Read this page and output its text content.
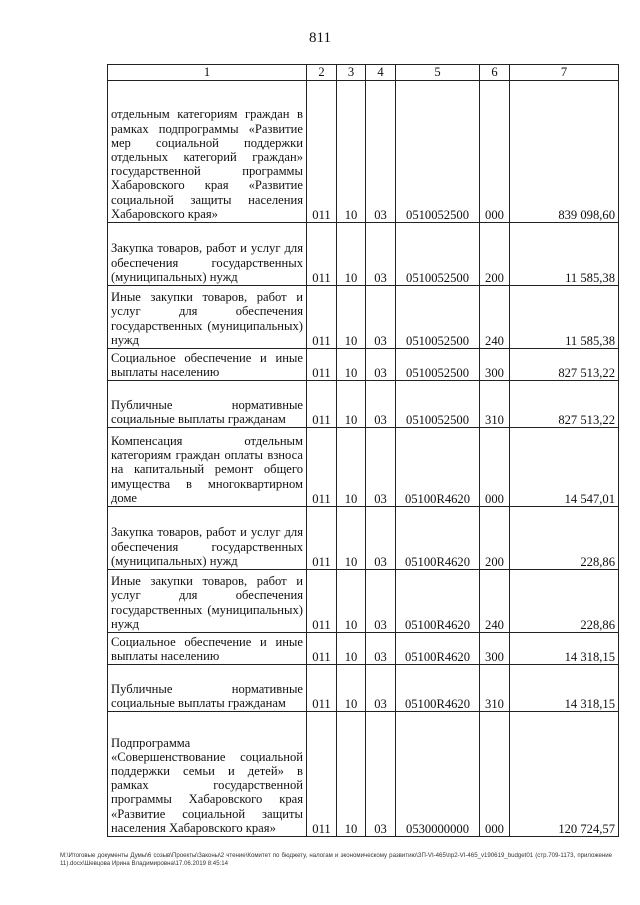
811
1	2	3	4	5	6	7
отдельным категориям граждан в рамках подпрограммы «Развитие мер социальной поддержки отдельных категорий граждан» государственной программы Хабаровского края «Развитие социальной защиты населения Хабаровского края»	011	10	03	0510052500	000	839 098,60
Закупка товаров, работ и услуг для обеспечения государственных (муниципальных) нужд	011	10	03	0510052500	200	11 585,38
Иные закупки товаров, работ и услуг для обеспечения государственных (муниципальных) нужд	011	10	03	0510052500	240	11 585,38
Социальное обеспечение и иные выплаты населению	011	10	03	0510052500	300	827 513,22
Публичные нормативные социальные выплаты гражданам	011	10	03	0510052500	310	827 513,22
Компенсация отдельным категориям граждан оплаты взноса на капитальный ремонт общего имущества в многоквартирном доме	011	10	03	05100R4620	000	14 547,01
Закупка товаров, работ и услуг для обеспечения государственных (муниципальных) нужд	011	10	03	05100R4620	200	228,86
Иные закупки товаров, работ и услуг для обеспечения государственных (муниципальных) нужд	011	10	03	05100R4620	240	228,86
Социальное обеспечение и иные выплаты населению	011	10	03	05100R4620	300	14 318,15
Публичные нормативные социальные выплаты гражданам	011	10	03	05100R4620	310	14 318,15
Подпрограмма «Совершенствование социальной поддержки семьи и детей» в рамках государственной программы Хабаровского края «Развитие социальной защиты населения Хабаровского края»	011	10	03	0530000000	000	120 724,57
M:\Итоговые документы Думы\6 созыв\Проекты\Законы\2 чтение\Комитет по бюджету, налогам и экономическому развитию\ЗП-VI-465\пр2-VI-465_v190619_budget01 (стр.709-1173, приложение 11).docx\Шевцова Ирина Владимировна\17.06.2019 8:45:14
